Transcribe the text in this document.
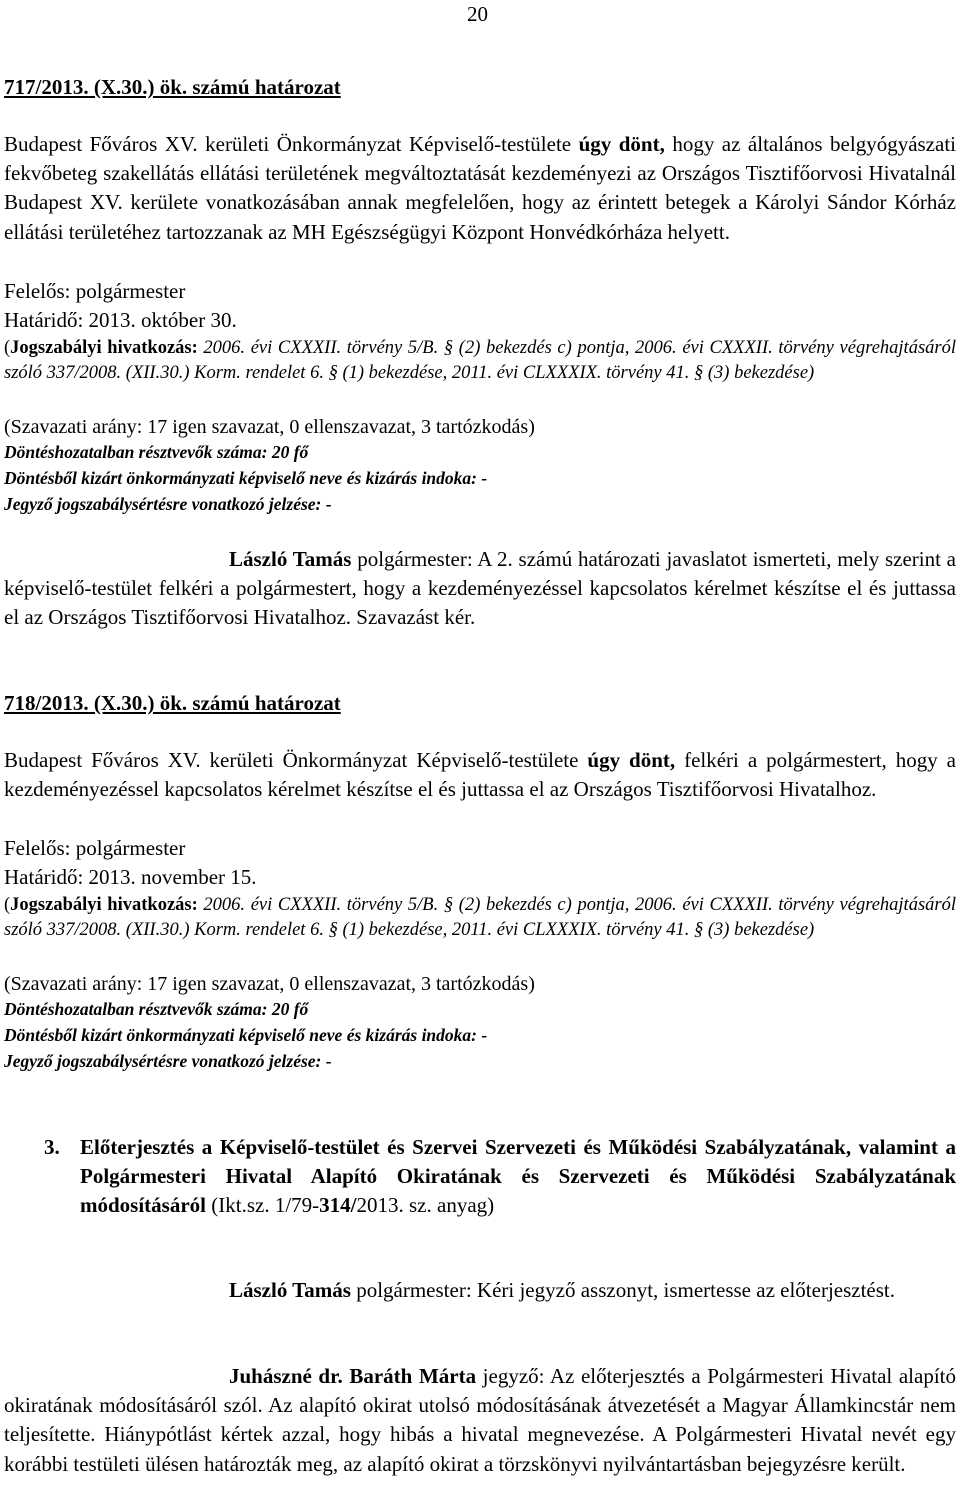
20
717/2013. (X.30.) ök. számú határozat

Budapest Főváros XV. kerületi Önkormányzat Képviselő-testülete úgy dönt, hogy az általános belgyógyászati fekvőbeteg szakellátás ellátási területének megváltoztatását kezdeményezi az Országos Tisztifőorvosi Hivatalnál Budapest XV. kerülete vonatkozásában annak megfelelően, hogy az érintett betegek a Károlyi Sándor Kórház ellátási területéhez tartozzanak az MH Egészségügyi Központ Honvédkórháza helyett.

Felelős: polgármester
Határidő: 2013. október 30.

(Jogszabályi hivatkozás: 2006. évi CXXXII. törvény 5/B. § (2) bekezdés c) pontja, 2006. évi CXXXII. törvény végrehajtásáról szóló 337/2008. (XII.30.) Korm. rendelet 6. § (1) bekezdése, 2011. évi CLXXXIX. törvény 41. § (3) bekezdése)

(Szavazati arány: 17 igen szavazat, 0 ellenszavazat, 3 tartózkodás)
Döntéshozatalban résztvevők száma: 20 fő
Döntésből kizárt önkormányzati képviselő neve és kizárás indoka: -
Jegyző jogszabálysértésre vonatkozó jelzése: -

László Tamás polgármester: A 2. számú határozati javaslatot ismerteti, mely szerint a képviselő-testület felkéri a polgármestert, hogy a kezdeményezéssel kapcsolatos kérelmet készítse el és juttassa el az Országos Tisztifőorvosi Hivatalhoz. Szavazást kér.

718/2013. (X.30.) ök. számú határozat

Budapest Főváros XV. kerületi Önkormányzat Képviselő-testülete úgy dönt, felkéri a polgármestert, hogy a kezdeményezéssel kapcsolatos kérelmet készítse el és juttassa el az Országos Tisztifőorvosi Hivatalhoz.

Felelős: polgármester
Határidő: 2013. november 15.

(Jogszabályi hivatkozás: 2006. évi CXXXII. törvény 5/B. § (2) bekezdés c) pontja, 2006. évi CXXXII. törvény végrehajtásáról szóló 337/2008. (XII.30.) Korm. rendelet 6. § (1) bekezdése, 2011. évi CLXXXIX. törvény 41. § (3) bekezdése)

(Szavazati arány: 17 igen szavazat, 0 ellenszavazat, 3 tartózkodás)
Döntéshozatalban résztvevők száma: 20 fő
Döntésből kizárt önkormányzati képviselő neve és kizárás indoka: -
Jegyző jogszabálysértésre vonatkozó jelzése: -
3. Előterjesztés a Képviselő-testület és Szervei Szervezeti és Működési Szabályzatának, valamint a Polgármesteri Hivatal Alapító Okiratának és Szervezeti és Működési Szabályzatának módosításáról (Ikt.sz. 1/79-314/2013. sz. anyag)

László Tamás polgármester: Kéri jegyző asszonyt, ismertesse az előterjesztést.

Juhászné dr. Baráth Márta jegyző: Az előterjesztés a Polgármesteri Hivatal alapító okiratának módosításáról szól. Az alapító okirat utolsó módosításának átvezetését a Magyar Államkincstár nem teljesítette. Hiánypótlást kértek azzal, hogy hibás a hivatal megnevezése. A Polgármesteri Hivatal nevét egy korábbi testületi ülésen határozták meg, az alapító okirat a törzskönyvi nyilvántartásban bejegyzésre került.
